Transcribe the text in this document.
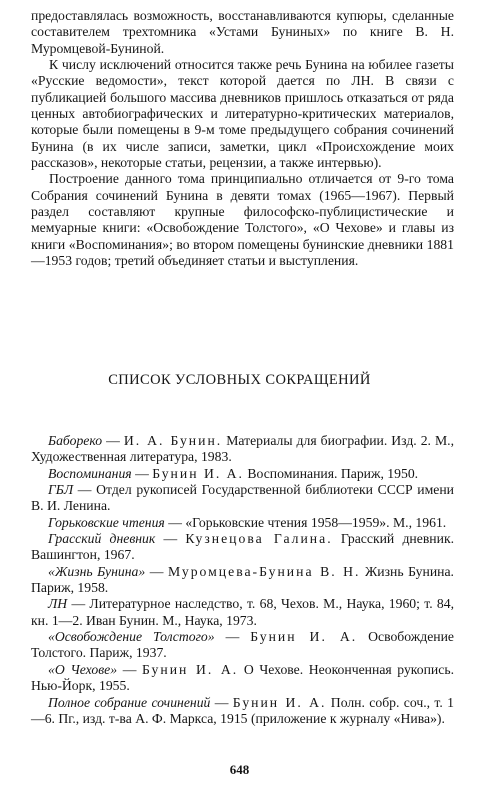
предоставлялась возможность, восстанавливаются купюры, сделанные составителем трехтомника «Устами Буниных» по книге В. Н. Муромцевой-Буниной.

К числу исключений относится также речь Бунина на юбилее газеты «Русские ведомости», текст которой дается по ЛН. В связи с публикацией большого массива дневников пришлось отказаться от ряда ценных автобиографических и литературно-критических материалов, которые были помещены в 9-м томе предыдущего собрания сочинений Бунина (в их числе записи, заметки, цикл «Происхождение моих рассказов», некоторые статьи, рецензии, а также интервью).

Построение данного тома принципиально отличается от 9-го тома Собрания сочинений Бунина в девяти томах (1965—1967). Первый раздел составляют крупные философско-публицистические и мемуарные книги: «Освобождение Толстого», «О Чехове» и главы из книги «Воспоминания»; во втором помещены бунинские дневники 1881—1953 годов; третий объединяет статьи и выступления.

СПИСОК УСЛОВНЫХ СОКРАЩЕНИЙ

Бабореко — И. А. Бунин. Материалы для биографии. Изд. 2. М., Художественная литература, 1983.

Воспоминания — Бунин И. А. Воспоминания. Париж, 1950.

ГБЛ — Отдел рукописей Государственной библиотеки СССР имени В. И. Ленина.

Горьковские чтения — «Горьковские чтения 1958—1959». М., 1961.

Грасский дневник — Кузнецова Галина. Грасский дневник. Вашингтон, 1967.

«Жизнь Бунина» — Муромцева-Бунина В. Н. Жизнь Бунина. Париж, 1958.

ЛН — Литературное наследство, т. 68, Чехов. М., Наука, 1960; т. 84, кн. 1—2. Иван Бунин. М., Наука, 1973.

«Освобождение Толстого» — Бунин И. А. Освобождение Толстого. Париж, 1937.

«О Чехове» — Бунин И. А. О Чехове. Неоконченная рукопись. Нью-Йорк, 1955.

Полное собрание сочинений — Бунин И. А. Полн. собр. соч., т. 1—6. Пг., изд. т-ва А. Ф. Маркса, 1915 (приложение к журналу «Нива»).

648
